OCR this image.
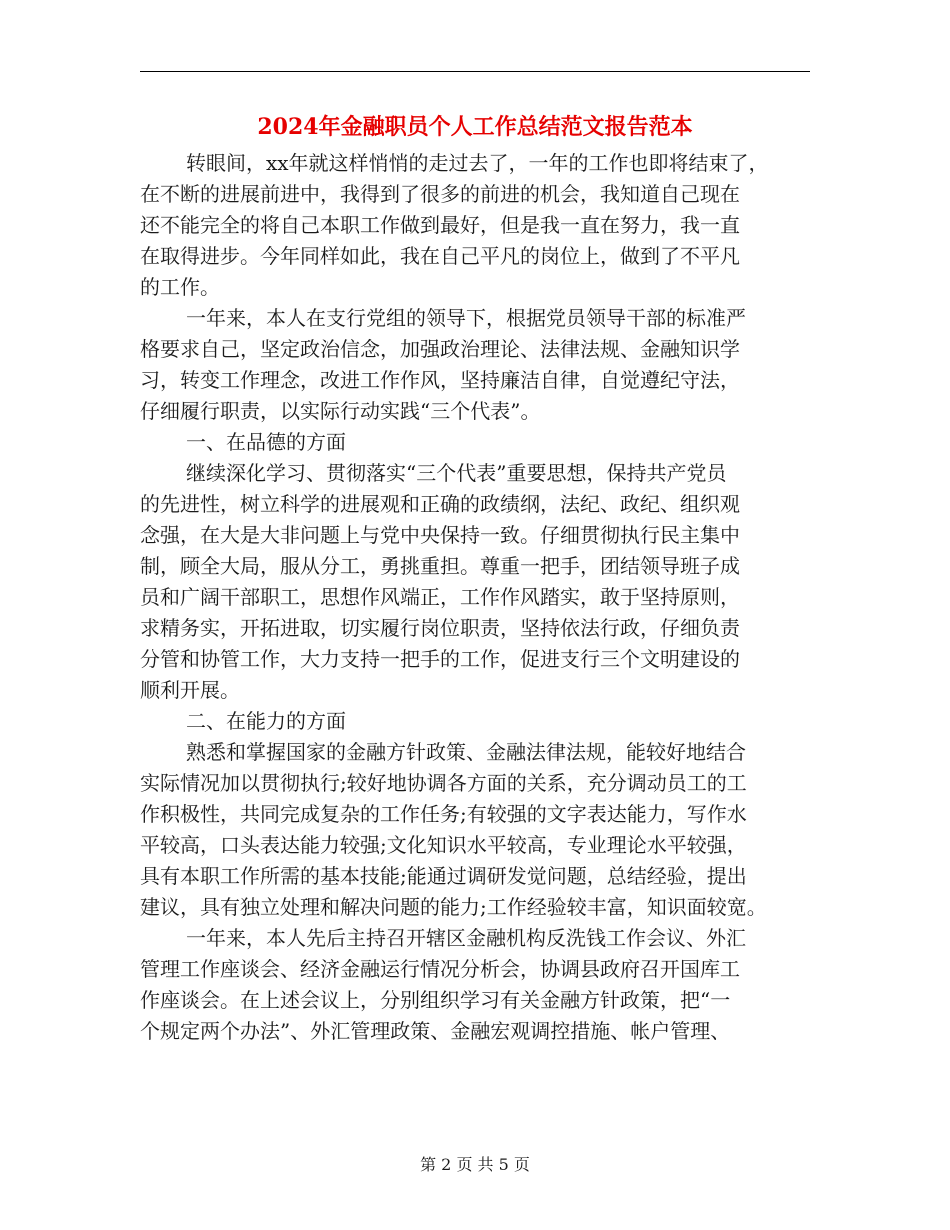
2024年金融职员个人工作总结范文报告范本
转眼间，xx年就这样悄悄的走过去了，一年的工作也即将结束了，
在不断的进展前进中，我得到了很多的前进的机会，我知道自己现在
还不能完全的将自己本职工作做到最好，但是我一直在努力，我一直
在取得进步。今年同样如此，我在自己平凡的岗位上，做到了不平凡
的工作。
一年来，本人在支行党组的领导下，根据党员领导干部的标准严
格要求自己，坚定政治信念，加强政治理论、法律法规、金融知识学
习，转变工作理念，改进工作作风，坚持廉洁自律，自觉遵纪守法，
仔细履行职责，以实际行动实践“三个代表”。
一、在品德的方面
继续深化学习、贯彻落实“三个代表”重要思想，保持共产党员
的先进性，树立科学的进展观和正确的政绩纲，法纪、政纪、组织观
念强，在大是大非问题上与党中央保持一致。仔细贯彻执行民主集中
制，顾全大局，服从分工，勇挑重担。尊重一把手，团结领导班子成
员和广阔干部职工，思想作风端正，工作作风踏实，敢于坚持原则，
求精务实，开拓进取，切实履行岗位职责，坚持依法行政，仔细负责
分管和协管工作，大力支持一把手的工作，促进支行三个文明建设的
顺利开展。
二、在能力的方面
熟悉和掌握国家的金融方针政策、金融法律法规，能较好地结合
实际情况加以贯彻执行;较好地协调各方面的关系，充分调动员工的工
作积极性，共同完成复杂的工作任务;有较强的文字表达能力，写作水
平较高，口头表达能力较强;文化知识水平较高，专业理论水平较强，
具有本职工作所需的基本技能;能通过调研发觉问题，总结经验，提出
建议，具有独立处理和解决问题的能力;工作经验较丰富，知识面较宽。
一年来，本人先后主持召开辖区金融机构反洗钱工作会议、外汇
管理工作座谈会、经济金融运行情况分析会，协调县政府召开国库工
作座谈会。在上述会议上，分别组织学习有关金融方针政策，把“一
个规定两个办法”、外汇管理政策、金融宏观调控措施、帐户管理、
第 2 页 共 5 页
